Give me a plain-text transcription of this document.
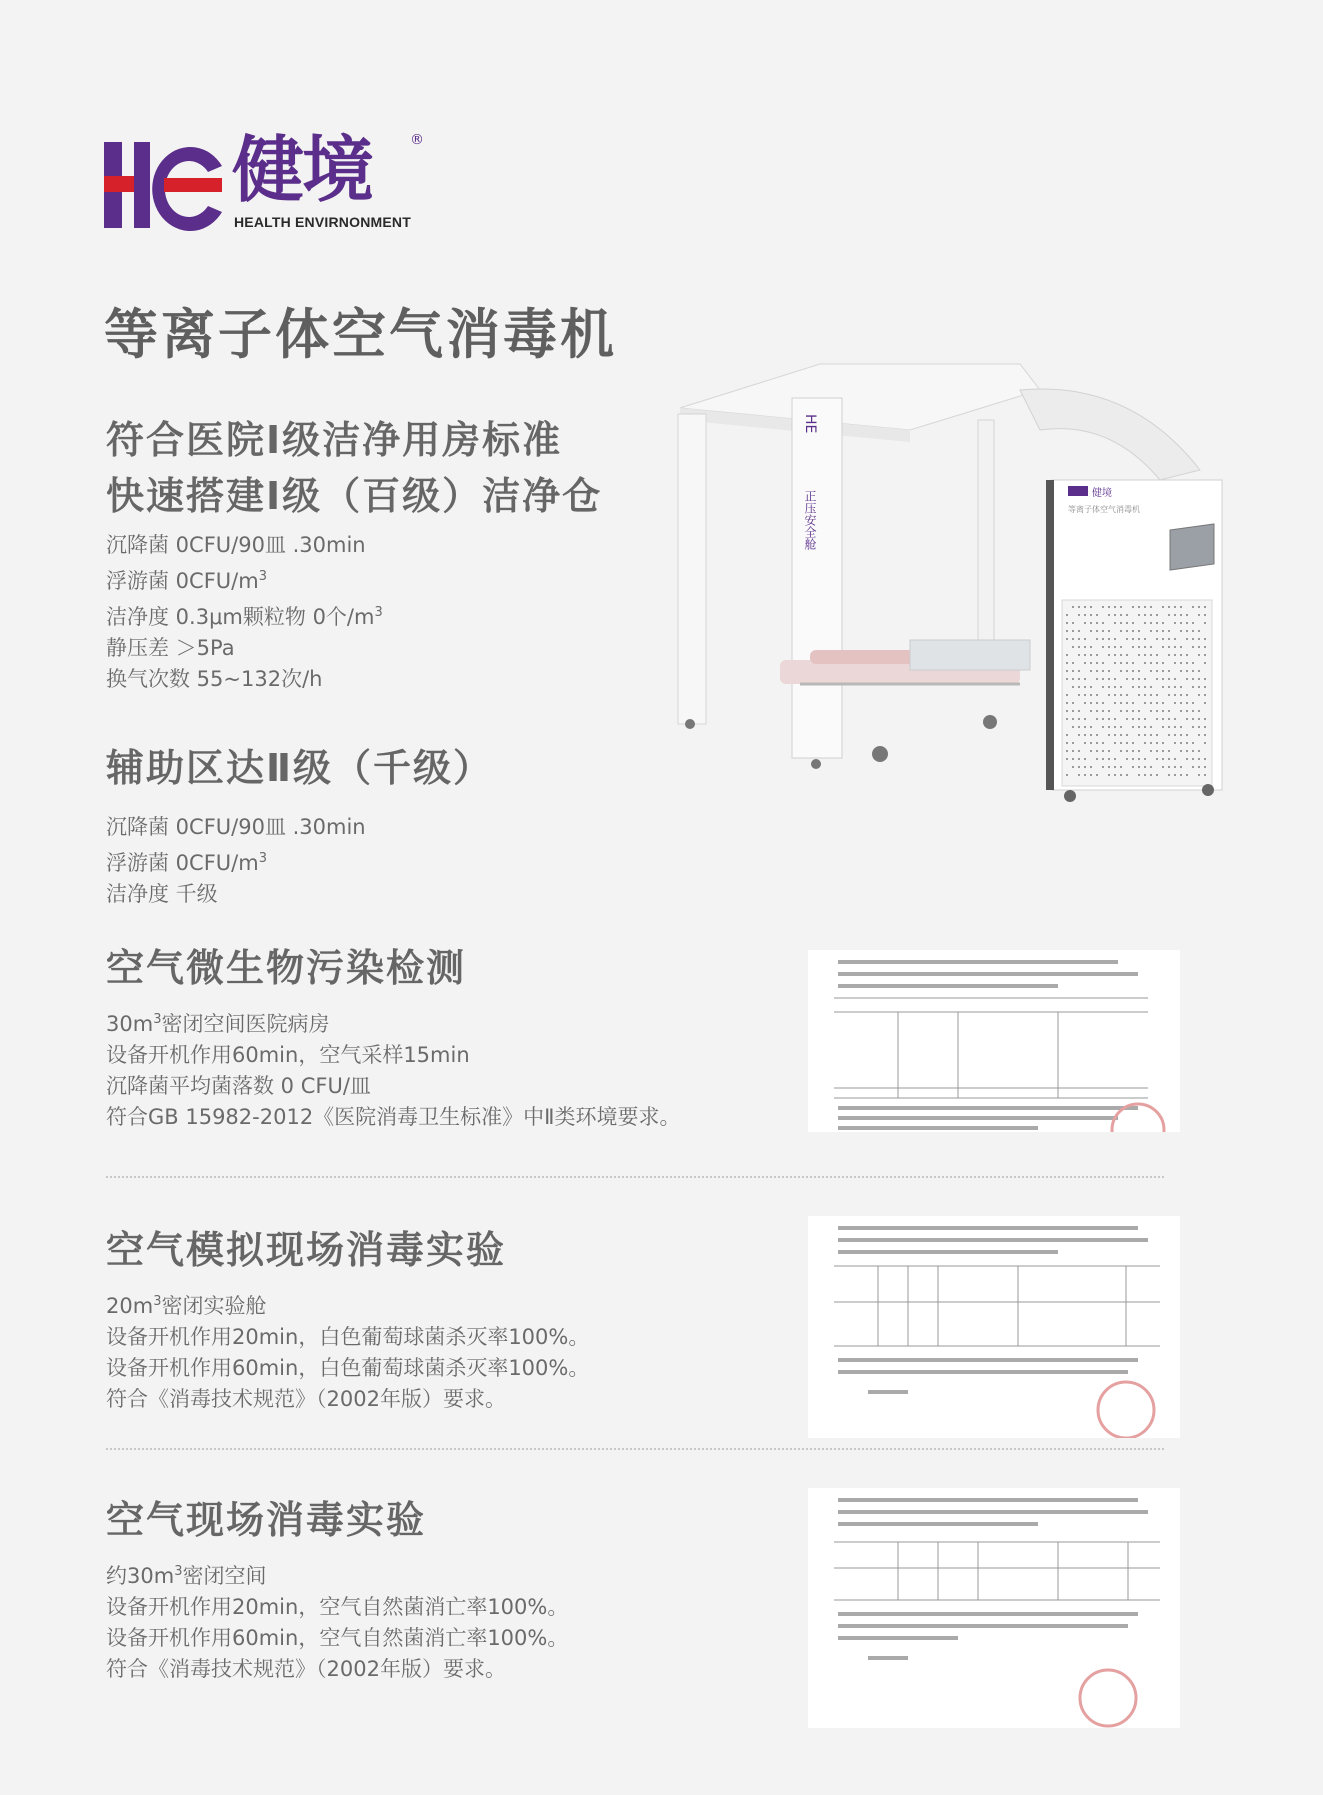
健境	®
HEALTH ENVIRNONMENT
等离子体空气消毒机
符合医院Ⅰ级洁净用房标准
快速搭建Ⅰ级（百级）洁净仓
沉降菌 0CFU/90皿 .30min
浮游菌 $0CFU/m^3$
洁净度 0.3μm颗粒物 0个$/m^3$
静压差 ＞5Pa
换气次数 55~132次/h
辅助区达Ⅱ级（千级）
沉降菌 0CFU/90皿 .30min
浮游菌 $0CFU/m^3$
洁净度 千级
HE
正压安全舱	健境
等离子体空气消毒机
空气微生物污染检测
$30m^3$密闭空间医院病房
设备开机作用60min，空气采样15min
沉降菌平均菌落数 0 CFU/皿
符合GB 15982-2012《医院消毒卫生标准》中Ⅱ类环境要求。
空气模拟现场消毒实验
$20m^3$密闭实验舱
设备开机作用20min，白色葡萄球菌杀灭率100%。
设备开机作用60min，白色葡萄球菌杀灭率100%。
符合《消毒技术规范》（2002年版）要求。
空气现场消毒实验
约$30m^3$密闭空间
设备开机作用20min，空气自然菌消亡率100%。
设备开机作用60min，空气自然菌消亡率100%。
符合《消毒技术规范》（2002年版）要求。
